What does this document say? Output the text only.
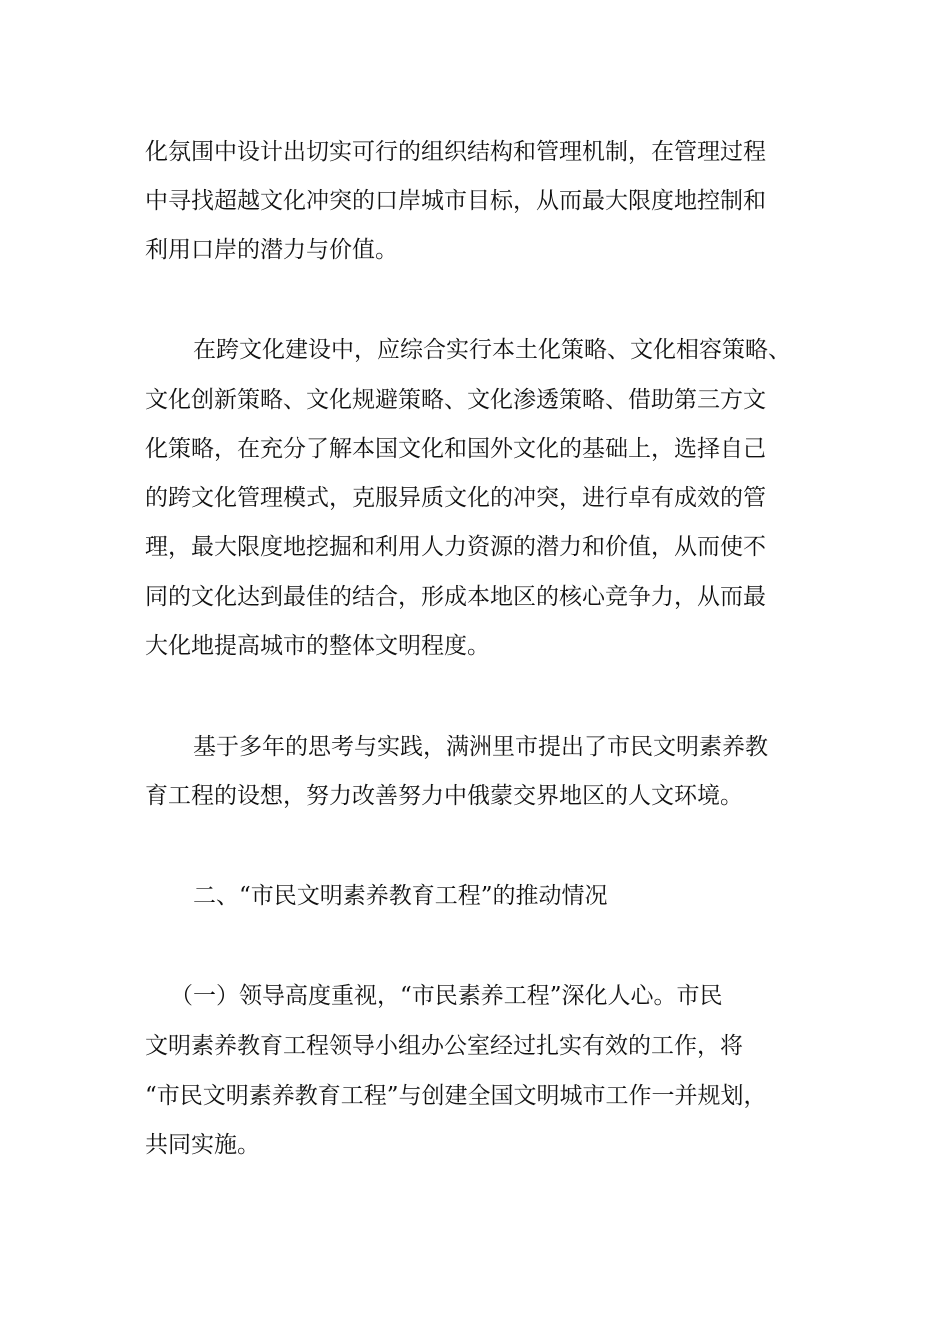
化氛围中设计出切实可行的组织结构和管理机制，在管理过程
中寻找超越文化冲突的口岸城市目标，从而最大限度地控制和
利用口岸的潜力与价值。
在跨文化建设中，应综合实行本土化策略、文化相容策略、
文化创新策略、文化规避策略、文化渗透策略、借助第三方文
化策略，在充分了解本国文化和国外文化的基础上，选择自己
的跨文化管理模式，克服异质文化的冲突，进行卓有成效的管
理，最大限度地挖掘和利用人力资源的潜力和价值，从而使不
同的文化达到最佳的结合，形成本地区的核心竞争力，从而最
大化地提高城市的整体文明程度。
基于多年的思考与实践，满洲里市提出了市民文明素养教
育工程的设想，努力改善努力中俄蒙交界地区的人文环境。
二、“市民文明素养教育工程”的推动情况
（一）领导高度重视，“市民素养工程”深化人心。市民
文明素养教育工程领导小组办公室经过扎实有效的工作，将
“市民文明素养教育工程”与创建全国文明城市工作一并规划，
共同实施。
